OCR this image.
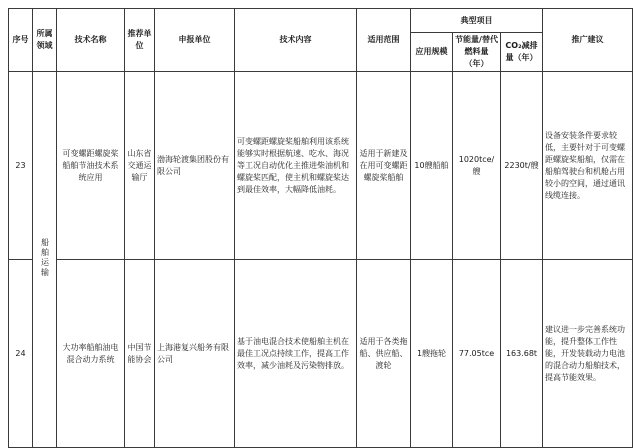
序号	所属领域	技术名称	推荐单位	申报单位	技术内容	适用范围	典型项目			推广建议
							应用规模	节能量/替代燃料量（年）	CO₂减排量（年）	
23	船舶运输	可变螺距螺旋桨船舶节油技术系统应用	山东省交通运输厅	渤海轮渡集团股份有限公司	可变螺距螺旋桨船舶利用该系统能够实时根据航速、吃水、海况等工况自动优化主推进柴油机和螺旋桨匹配，使主机和螺旋桨达到最佳效率，大幅降低油耗。	适用于新建及在用可变螺距螺旋桨船舶	10艘船舶	1020tce/艘	2230t/艘	设备安装条件要求较低，主要针对于可变螺距螺旋桨船舶，仅需在船舶驾驶台和机舱占用较小的空间，通过通讯线缆连接。
24		大功率船舶油电混合动力系统	中国节能协会	上海港复兴船务有限公司	基于油电混合技术使船舶主机在最佳工况点持续工作，提高工作效率，减少油耗及污染物排放。	适用于各类拖船、供应船、渡轮	1艘拖轮	77.05tce	163.68t	建议进一步完善系统功能，提升整体工作性能，开发装载动力电池的混合动力船舶技术，提高节能效果。
